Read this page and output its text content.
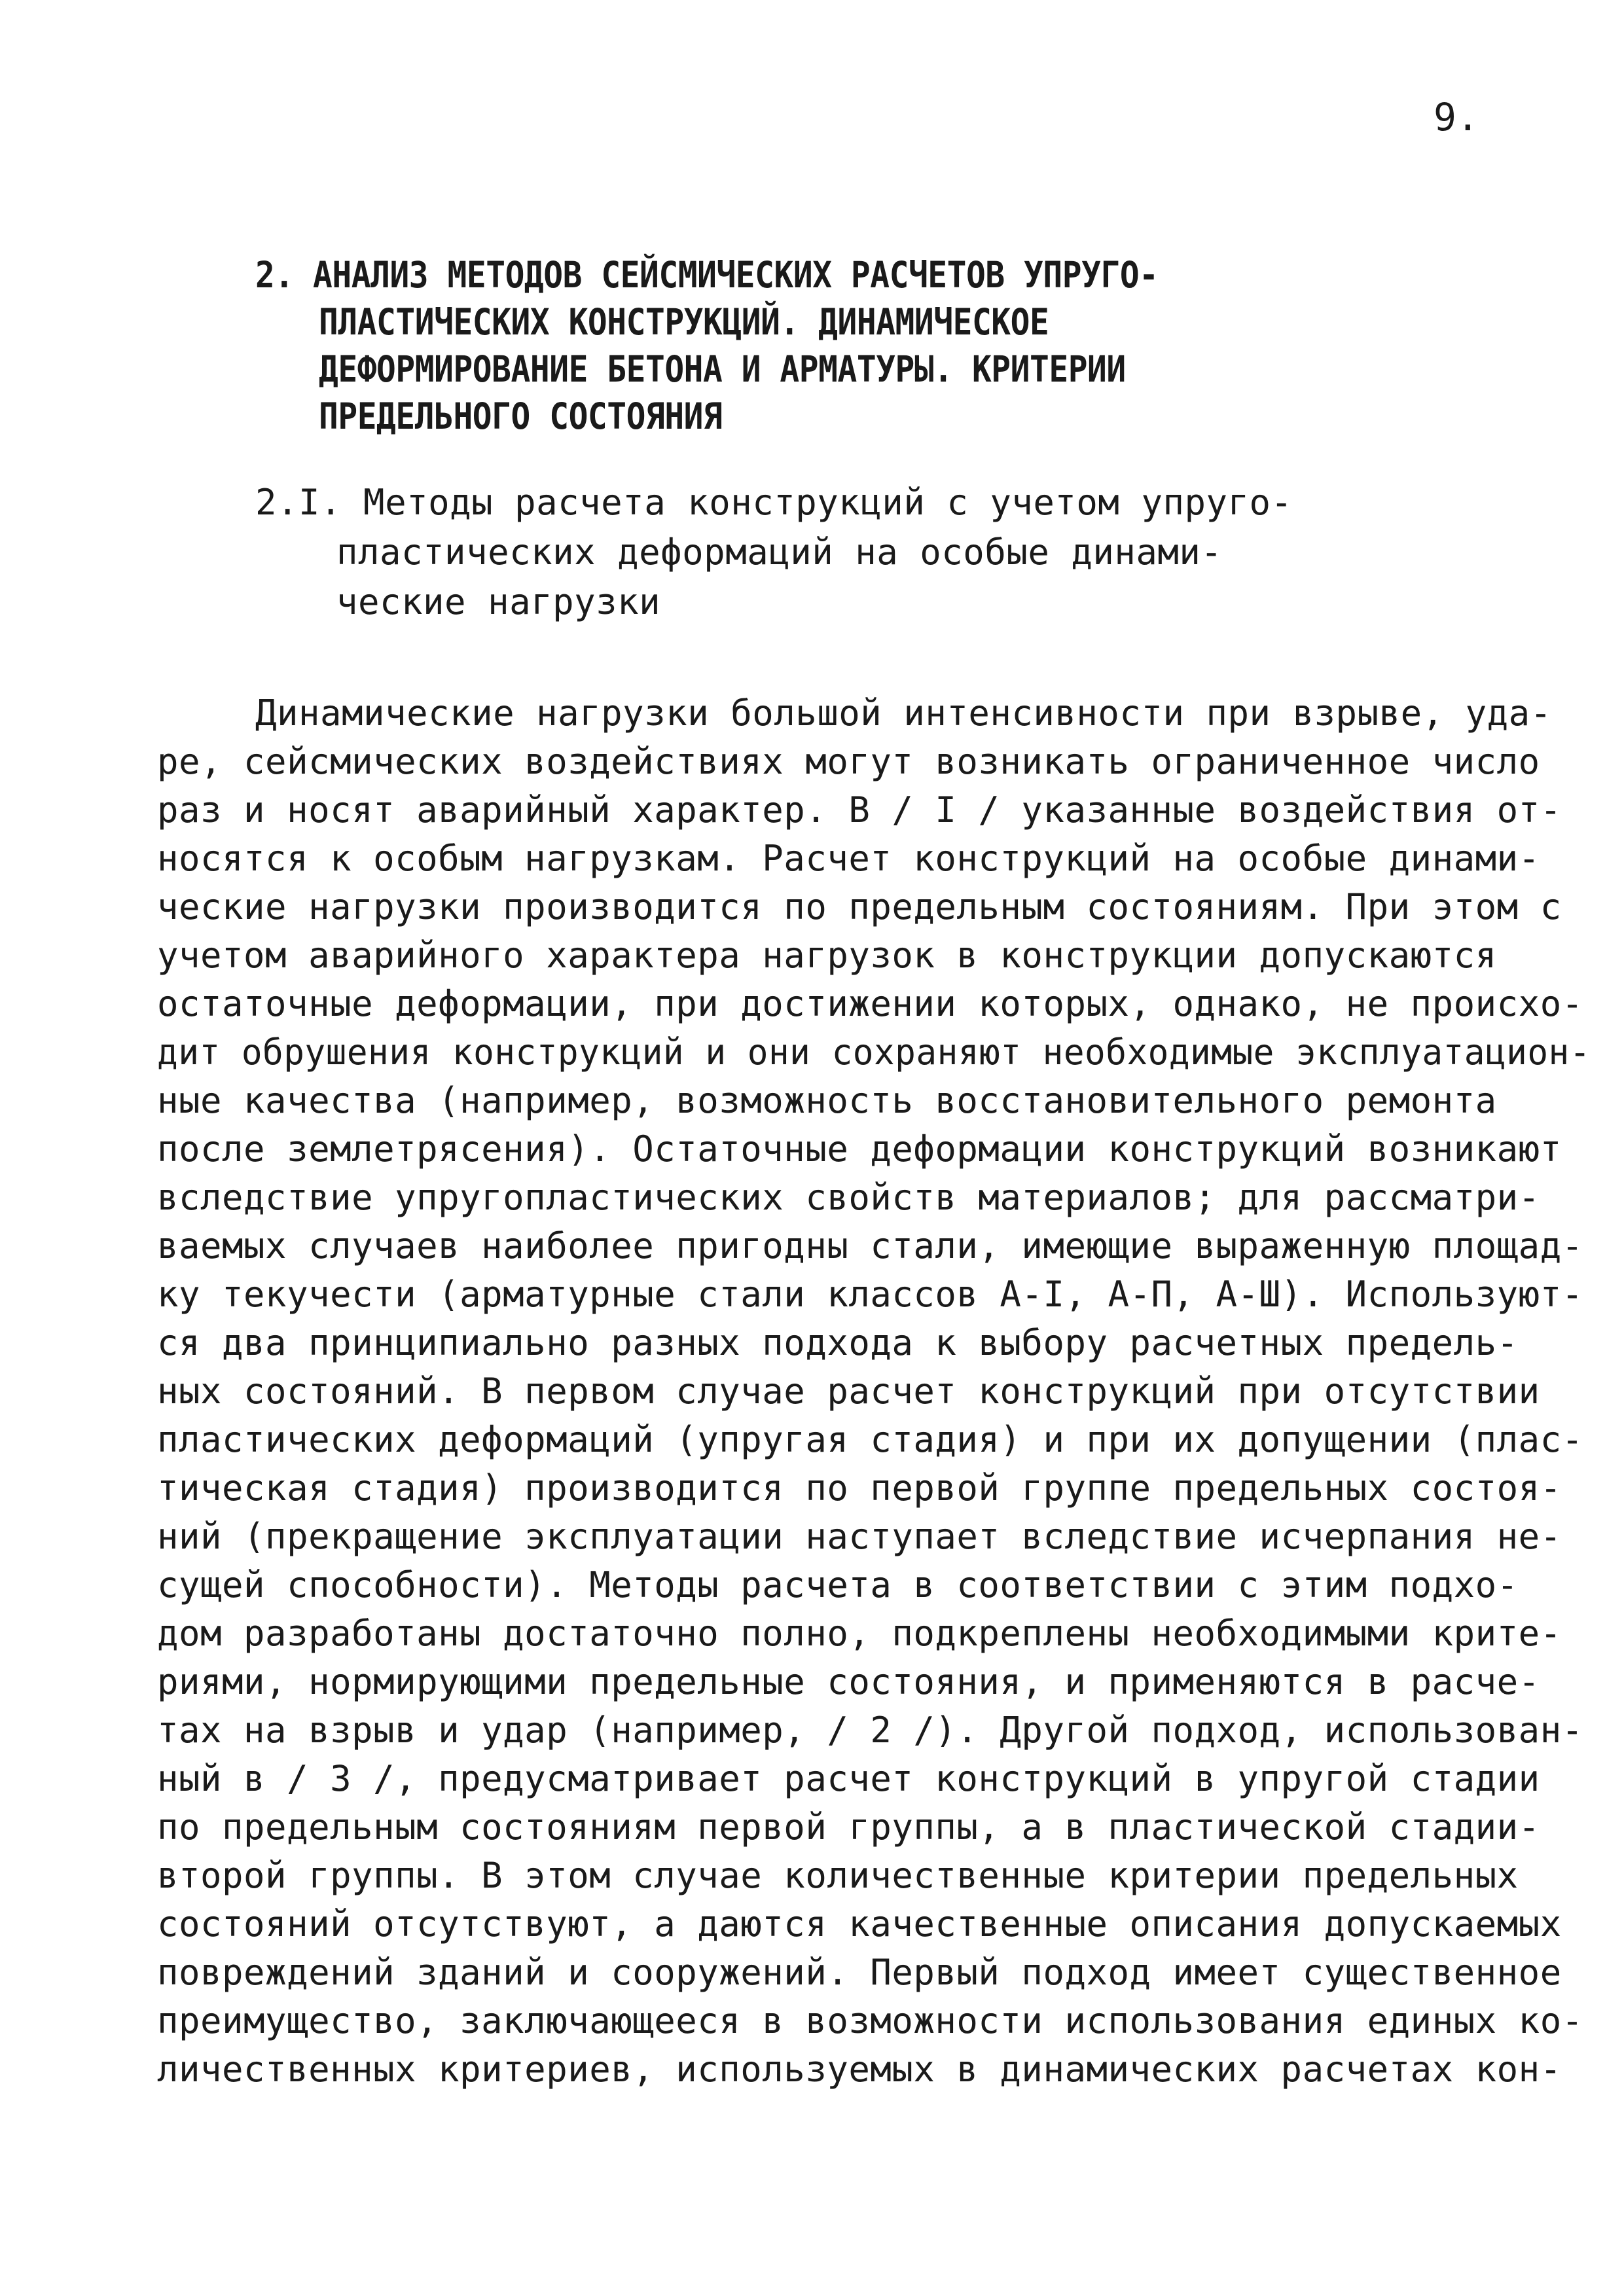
9.
2. АНАЛИЗ МЕТОДОВ СЕЙСМИЧЕСКИХ РАСЧЕТОВ УПРУГО-
ПЛАСТИЧЕСКИХ КОНСТРУКЦИЙ. ДИНАМИЧЕСКОЕ
ДЕФОРМИРОВАНИЕ БЕТОНА И АРМАТУРЫ. КРИТЕРИИ
ПРЕДЕЛЬНОГО СОСТОЯНИЯ
2.I. Методы расчета конструкций с учетом упруго-
пластических деформаций на особые динами-
ческие нагрузки
Динамические нагрузки большой интенсивности при взрыве, уда-
ре, сейсмических воздействиях могут возникать ограниченное число
раз и носят аварийный характер. В / I / указанные воздействия от-
носятся к особым нагрузкам. Расчет конструкций на особые динами-
ческие нагрузки производится по предельным состояниям. При этом с
учетом аварийного характера нагрузок в конструкции допускаются
остаточные деформации, при достижении которых, однако, не происхо-
дит обрушения конструкций и они сохраняют необходимые эксплуатацион-
ные качества (например, возможность восстановительного ремонта
после землетрясения). Остаточные деформации конструкций возникают
вследствие упругопластических свойств материалов; для рассматри-
ваемых случаев наиболее пригодны стали, имеющие выраженную площад-
ку текучести (арматурные стали классов А-I, А-П, А-Ш). Используют-
ся два принципиально разных подхода к выбору расчетных предель-
ных состояний. В первом случае расчет конструкций при отсутствии
пластических деформаций (упругая стадия) и при их допущении (плас-
тическая стадия) производится по первой группе предельных состоя-
ний (прекращение эксплуатации наступает вследствие исчерпания не-
сущей способности). Методы расчета в соответствии с этим подхо-
дом разработаны достаточно полно, подкреплены необходимыми крите-
риями, нормирующими предельные состояния, и применяются в расче-
тах на взрыв и удар (например, / 2 /). Другой подход, использован-
ный в / 3 /, предусматривает расчет конструкций в упругой стадии
по предельным состояниям первой группы, а в пластической стадии-
второй группы. В этом случае количественные критерии предельных
состояний отсутствуют, а даются качественные описания допускаемых
повреждений зданий и сооружений. Первый подход имеет существенное
преимущество, заключающееся в возможности использования единых ко-
личественных критериев, используемых в динамических расчетах кон-
